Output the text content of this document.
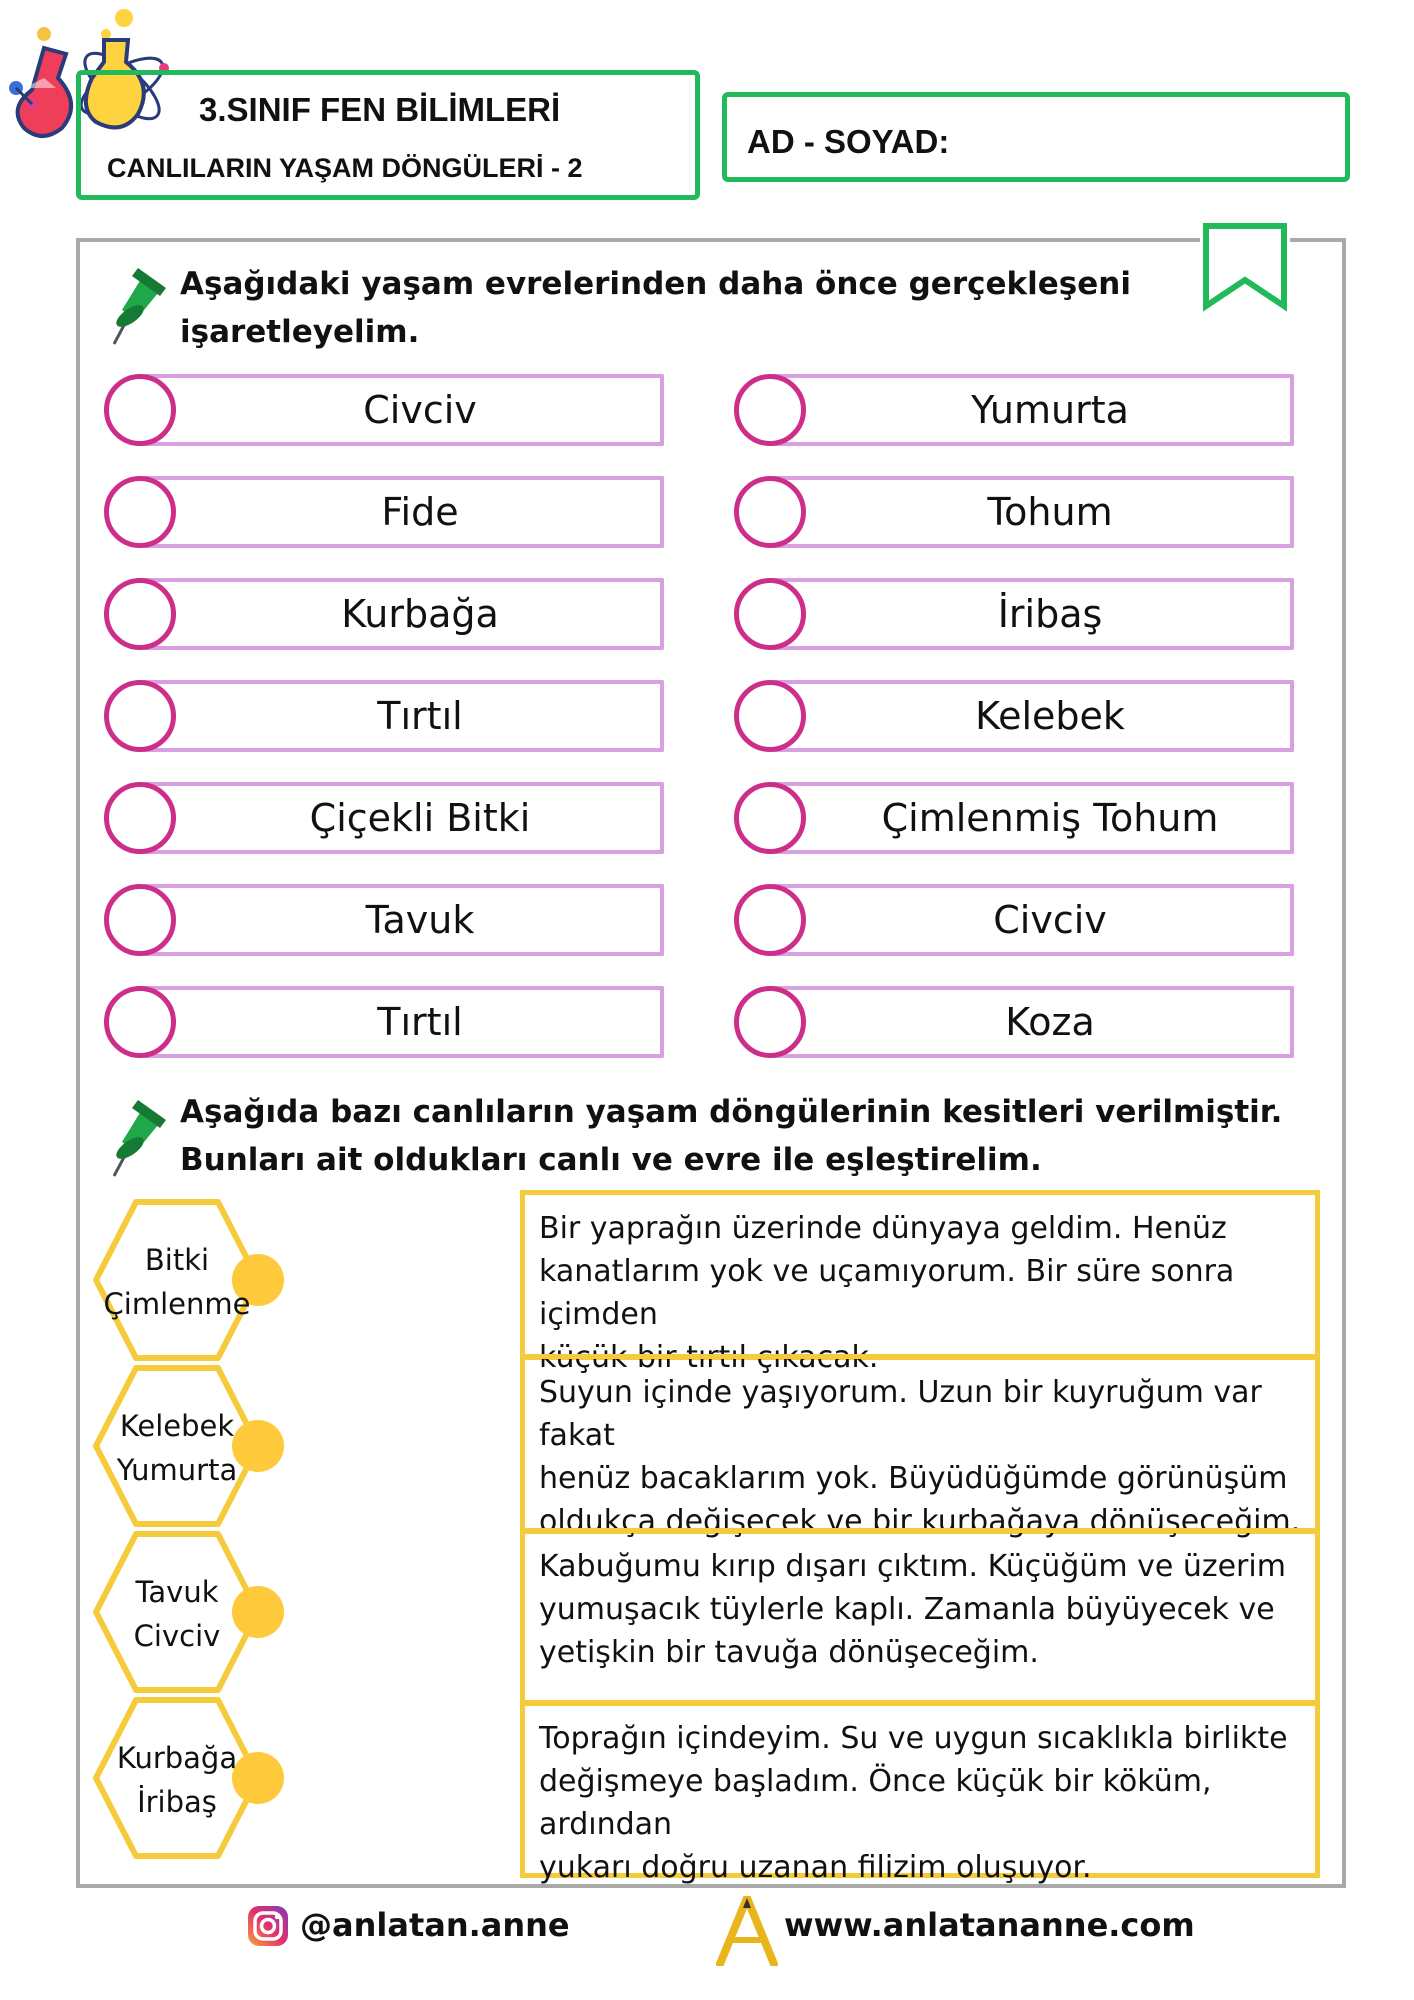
3.SINIF FEN BİLİMLERİ
CANLILARIN YAŞAM DÖNGÜLERİ - 2
AD - SOYAD:
Aşağıdaki yaşam evrelerinden daha önce gerçekleşeni
işaretleyelim.
Civciv
Fide
Kurbağa
Tırtıl
Çiçekli Bitki
Tavuk
Tırtıl
Yumurta
Tohum
İribaş
Kelebek
Çimlenmiş Tohum
Civciv
Koza
Aşağıda bazı canlıların yaşam döngülerinin kesitleri verilmiştir.
Bunları ait oldukları canlı ve evre ile eşleştirelim.
Bitki
Çimlenme
Kelebek
Yumurta
Tavuk
Civciv
Kurbağa
İribaş
Bir yaprağın üzerinde dünyaya geldim. Henüz
kanatlarım yok ve uçamıyorum. Bir süre sonra içimden
küçük bir tırtıl çıkacak.
Suyun içinde yaşıyorum. Uzun bir kuyruğum var fakat
henüz bacaklarım yok. Büyüdüğümde görünüşüm
oldukça değişecek ve bir kurbağaya dönüşeceğim.
Kabuğumu kırıp dışarı çıktım. Küçüğüm ve üzerim
yumuşacık tüylerle kaplı. Zamanla büyüyecek ve
yetişkin bir tavuğa dönüşeceğim.
Toprağın içindeyim. Su ve uygun sıcaklıkla birlikte
değişmeye başladım. Önce küçük bir köküm, ardından
yukarı doğru uzanan filizim oluşuyor.
@anlatan.anne	www.anlatananne.com
